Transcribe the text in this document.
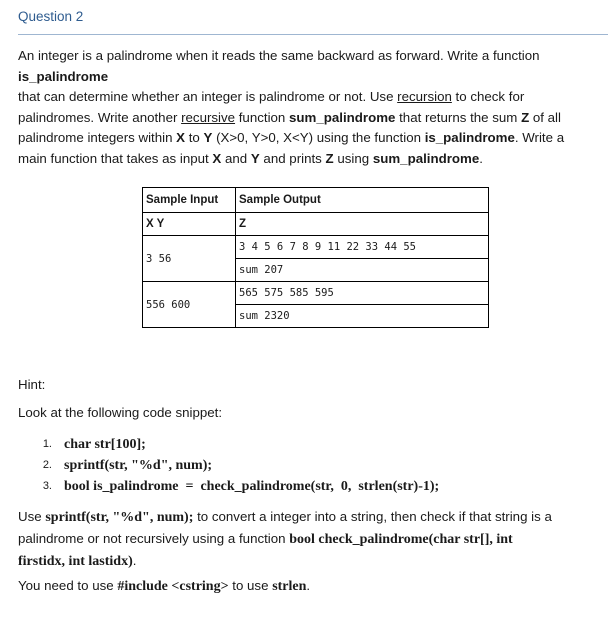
Question 2
An integer is a palindrome when it reads the same backward as forward. Write a function
is_palindrome
that can determine whether an integer is palindrome or not. Use recursion to check for
palindromes. Write another recursive function sum_palindrome that returns the sum Z of all
palindrome integers within X to Y (X>0, Y>0, X<Y) using the function is_palindrome. Write a
main function that takes as input X and Y and prints Z using sum_palindrome.
Sample Input	Sample Output
X Y	Z
3 56	3 4 5 6 7 8 9 11 22 33 44 55
sum 207

556 600	565 575 585 595
sum 2320
Hint:
Look at the following code snippet:
1. char str[100];
2. sprintf(str, "%d", num);
3. bool is_palindrome  =  check_palindrome(str,  0,  strlen(str)-1);
Use sprintf(str, "%d", num); to convert a integer into a string, then check if that string is a
palindrome or not recursively using a function bool check_palindrome(char str[], int
firstidx, int lastidx).
You need to use #include <cstring> to use strlen.
